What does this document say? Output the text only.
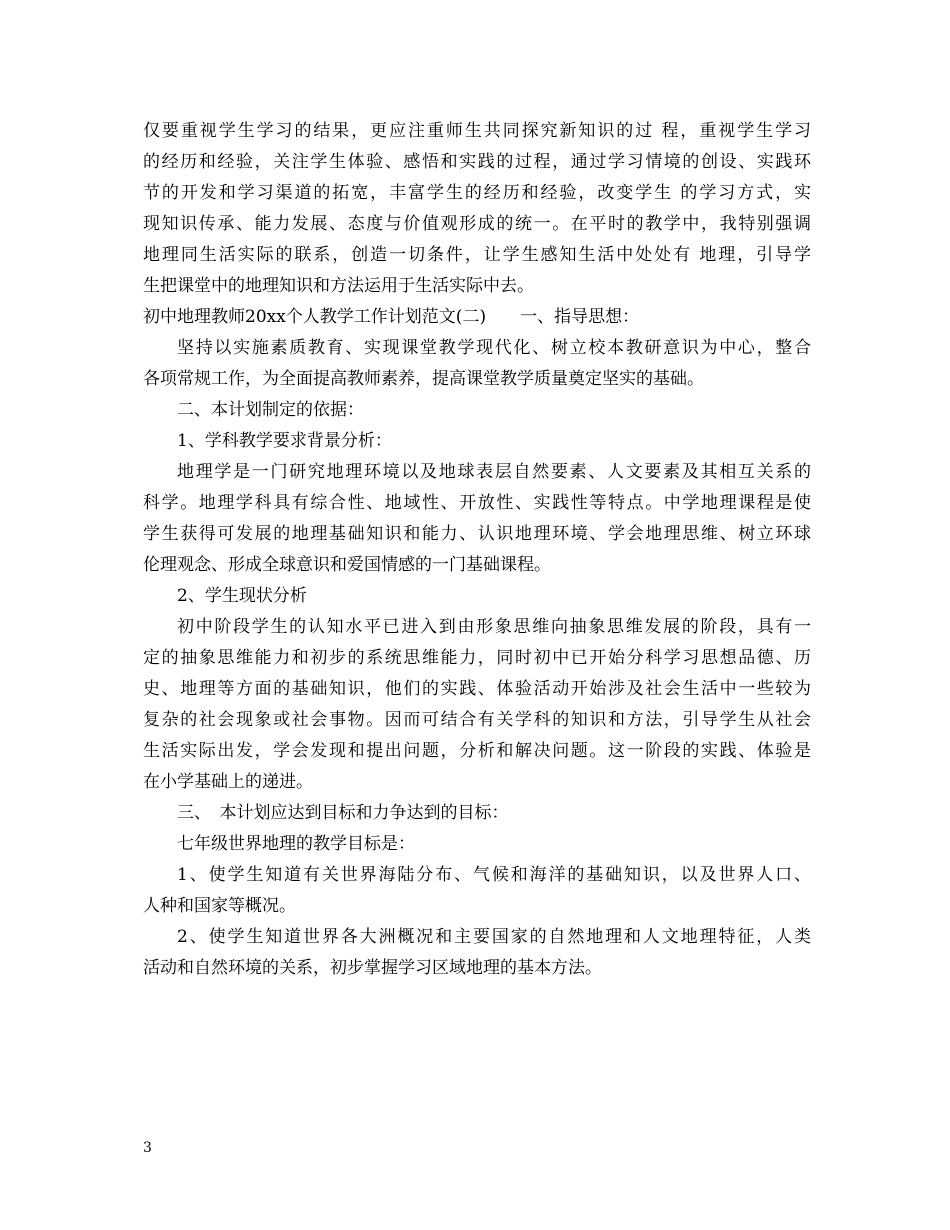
仅要重视学生学习的结果，更应注重师生共同探究新知识的过 程，重视学生学习
的经历和经验，关注学生体验、感悟和实践的过程，通过学习情境的创设、实践环
节的开发和学习渠道的拓宽，丰富学生的经历和经验，改变学生 的学习方式，实
现知识传承、能力发展、态度与价值观形成的统一。在平时的教学中，我特别强调
地理同生活实际的联系，创造一切条件，让学生感知生活中处处有 地理，引导学
生把课堂中的地理知识和方法运用于生活实际中去。
初中地理教师20xx个人教学工作计划范文(二)　　一、指导思想：
坚持以实施素质教育、实现课堂教学现代化、树立校本教研意识为中心，整合
各项常规工作，为全面提高教师素养，提高课堂教学质量奠定坚实的基础。
二、本计划制定的依据：
1、学科教学要求背景分析：
地理学是一门研究地理环境以及地球表层自然要素、人文要素及其相互关系的
科学。地理学科具有综合性、地域性、开放性、实践性等特点。中学地理课程是使
学生获得可发展的地理基础知识和能力、认识地理环境、学会地理思维、树立环球
伦理观念、形成全球意识和爱国情感的一门基础课程。
2、学生现状分析
初中阶段学生的认知水平已进入到由形象思维向抽象思维发展的阶段，具有一
定的抽象思维能力和初步的系统思维能力，同时初中已开始分科学习思想品德、历
史、地理等方面的基础知识，他们的实践、体验活动开始涉及社会生活中一些较为
复杂的社会现象或社会事物。因而可结合有关学科的知识和方法，引导学生从社会
生活实际出发，学会发现和提出问题，分析和解决问题。这一阶段的实践、体验是
在小学基础上的递进。
三、　本计划应达到目标和力争达到的目标：
七年级世界地理的教学目标是：
1、使学生知道有关世界海陆分布、气候和海洋的基础知识，以及世界人口、
人种和国家等概况。
2、使学生知道世界各大洲概况和主要国家的自然地理和人文地理特征，人类
活动和自然环境的关系，初步掌握学习区域地理的基本方法。
3
